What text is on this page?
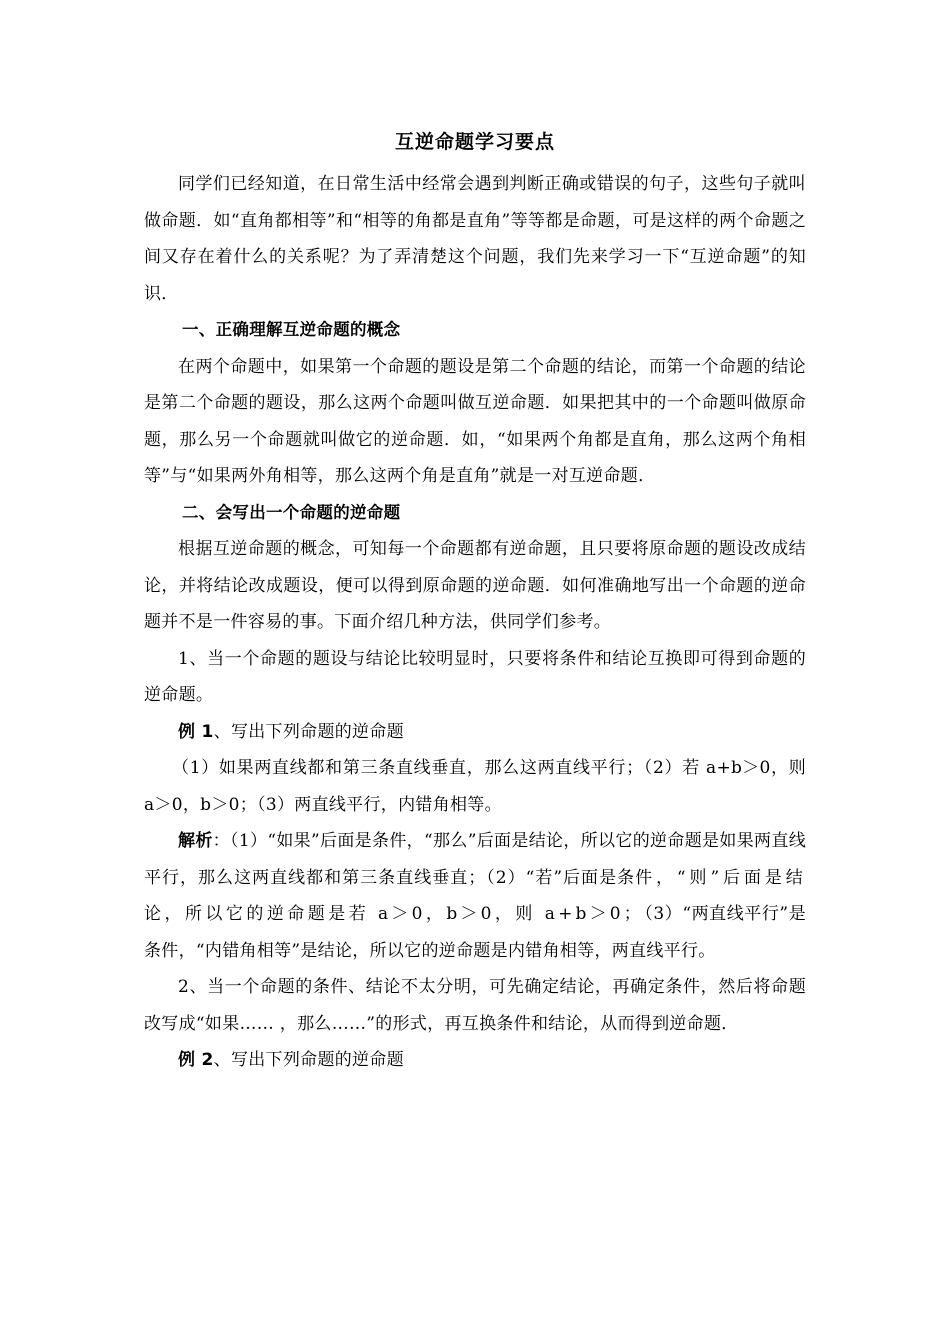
互逆命题学习要点

同学们已经知道，在日常生活中经常会遇到判断正确或错误的句子，这些句子就叫做命题．如“直角都相等”和“相等的角都是直角”等等都是命题，可是这样的两个命题之间又存在着什么的关系呢？为了弄清楚这个问题，我们先来学习一下“互逆命题”的知识．

一、正确理解互逆命题的概念

在两个命题中，如果第一个命题的题设是第二个命题的结论，而第一个命题的结论是第二个命题的题设，那么这两个命题叫做互逆命题．如果把其中的一个命题叫做原命题，那么另一个命题就叫做它的逆命题．如，“如果两个角都是直角，那么这两个角相等”与“如果两外角相等，那么这两个角是直角”就是一对互逆命题．

二、会写出一个命题的逆命题

根据互逆命题的概念，可知每一个命题都有逆命题，且只要将原命题的题设改成结论，并将结论改成题设，便可以得到原命题的逆命题．如何准确地写出一个命题的逆命题并不是一件容易的事。下面介绍几种方法，供同学们参考。

1、当一个命题的题设与结论比较明显时，只要将条件和结论互换即可得到命题的逆命题。

例 1、写出下列命题的逆命题

（1）如果两直线都和第三条直线垂直，那么这两直线平行；（2）若 a+b＞0，则 a＞0，b＞0；（3）两直线平行，内错角相等。

解析：（1）“如果”后面是条件，“那么”后面是结论，所以它的逆命题是如果两直线平行，那么这两直线都和第三条直线垂直；（2）“若”后面是条件，“则”后面是结论，所以它的逆命题是若 a＞0，b＞0，则 a+b＞0；（3）“两直线平行”是条件，“内错角相等”是结论，所以它的逆命题是内错角相等，两直线平行。

2、当一个命题的条件、结论不太分明，可先确定结论，再确定条件，然后将命题改写成“如果…… ，那么……”的形式，再互换条件和结论，从而得到逆命题．

例 2、写出下列命题的逆命题
